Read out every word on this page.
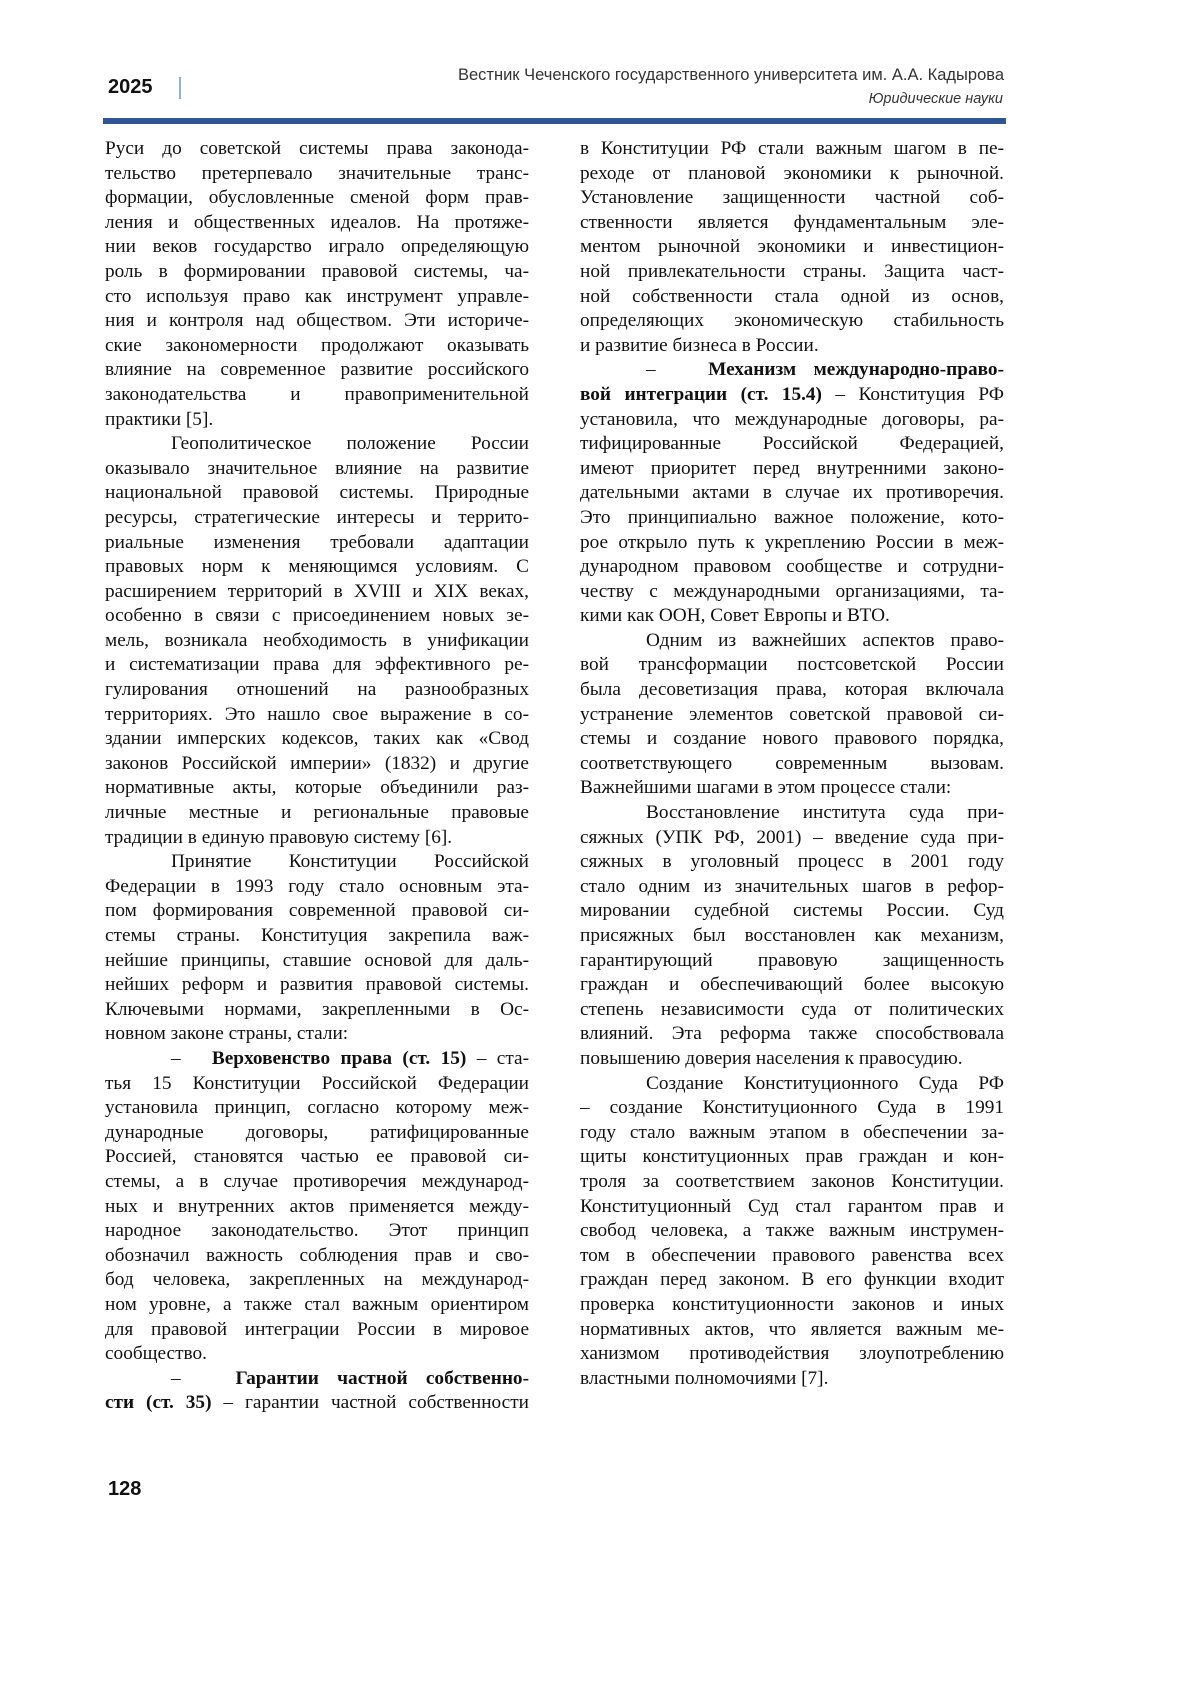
2025
Вестник Чеченского государственного университета им. А.А. Кадырова
Юридические науки
Руси до советской системы права законода-
тельство претерпевало значительные транс-
формации, обусловленные сменой форм прав-
ления и общественных идеалов. На протяже-
нии веков государство играло определяющую
роль в формировании правовой системы, ча-
сто используя право как инструмент управле-
ния и контроля над обществом. Эти историче-
ские закономерности продолжают оказывать
влияние на современное развитие российского
законодательства и правоприменительной
практики [5].
Геополитическое положение России
оказывало значительное влияние на развитие
национальной правовой системы. Природные
ресурсы, стратегические интересы и террито-
риальные изменения требовали адаптации
правовых норм к меняющимся условиям. С
расширением территорий в XVIII и XIX веках,
особенно в связи с присоединением новых зе-
мель, возникала необходимость в унификации
и систематизации права для эффективного ре-
гулирования отношений на разнообразных
территориях. Это нашло свое выражение в со-
здании имперских кодексов, таких как «Свод
законов Российской империи» (1832) и другие
нормативные акты, которые объединили раз-
личные местные и региональные правовые
традиции в единую правовую систему [6].
Принятие Конституции Российской
Федерации в 1993 году стало основным эта-
пом формирования современной правовой си-
стемы страны. Конституция закрепила важ-
нейшие принципы, ставшие основой для даль-
нейших реформ и развития правовой системы.
Ключевыми нормами, закрепленными в Ос-
новном законе страны, стали:
–   Верховенство права (ст. 15) – ста-
тья 15 Конституции Российской Федерации
установила принцип, согласно которому меж-
дународные договоры, ратифицированные
Россией, становятся частью ее правовой си-
стемы, а в случае противоречия международ-
ных и внутренних актов применяется между-
народное законодательство. Этот принцип
обозначил важность соблюдения прав и сво-
бод человека, закрепленных на международ-
ном уровне, а также стал важным ориентиром
для правовой интеграции России в мировое
сообщество.
–   Гарантии частной собственно-
сти (ст. 35) – гарантии частной собственности
в Конституции РФ стали важным шагом в пе-
реходе от плановой экономики к рыночной.
Установление защищенности частной соб-
ственности является фундаментальным эле-
ментом рыночной экономики и инвестицион-
ной привлекательности страны. Защита част-
ной собственности стала одной из основ,
определяющих экономическую стабильность
и развитие бизнеса в России.
–   Механизм международно-право-
вой интеграции (ст. 15.4) – Конституция РФ
установила, что международные договоры, ра-
тифицированные Российской Федерацией,
имеют приоритет перед внутренними законо-
дательными актами в случае их противоречия.
Это принципиально важное положение, кото-
рое открыло путь к укреплению России в меж-
дународном правовом сообществе и сотрудни-
честву с международными организациями, та-
кими как ООН, Совет Европы и ВТО.
Одним из важнейших аспектов право-
вой трансформации постсоветской России
была десоветизация права, которая включала
устранение элементов советской правовой си-
стемы и создание нового правового порядка,
соответствующего современным вызовам.
Важнейшими шагами в этом процессе стали:
Восстановление института суда при-
сяжных (УПК РФ, 2001) – введение суда при-
сяжных в уголовный процесс в 2001 году
стало одним из значительных шагов в рефор-
мировании судебной системы России. Суд
присяжных был восстановлен как механизм,
гарантирующий правовую защищенность
граждан и обеспечивающий более высокую
степень независимости суда от политических
влияний. Эта реформа также способствовала
повышению доверия населения к правосудию.
Создание Конституционного Суда РФ
– создание Конституционного Суда в 1991
году стало важным этапом в обеспечении за-
щиты конституционных прав граждан и кон-
троля за соответствием законов Конституции.
Конституционный Суд стал гарантом прав и
свобод человека, а также важным инструмен-
том в обеспечении правового равенства всех
граждан перед законом. В его функции входит
проверка конституционности законов и иных
нормативных актов, что является важным ме-
ханизмом противодействия злоупотреблению
властными полномочиями [7].
128
